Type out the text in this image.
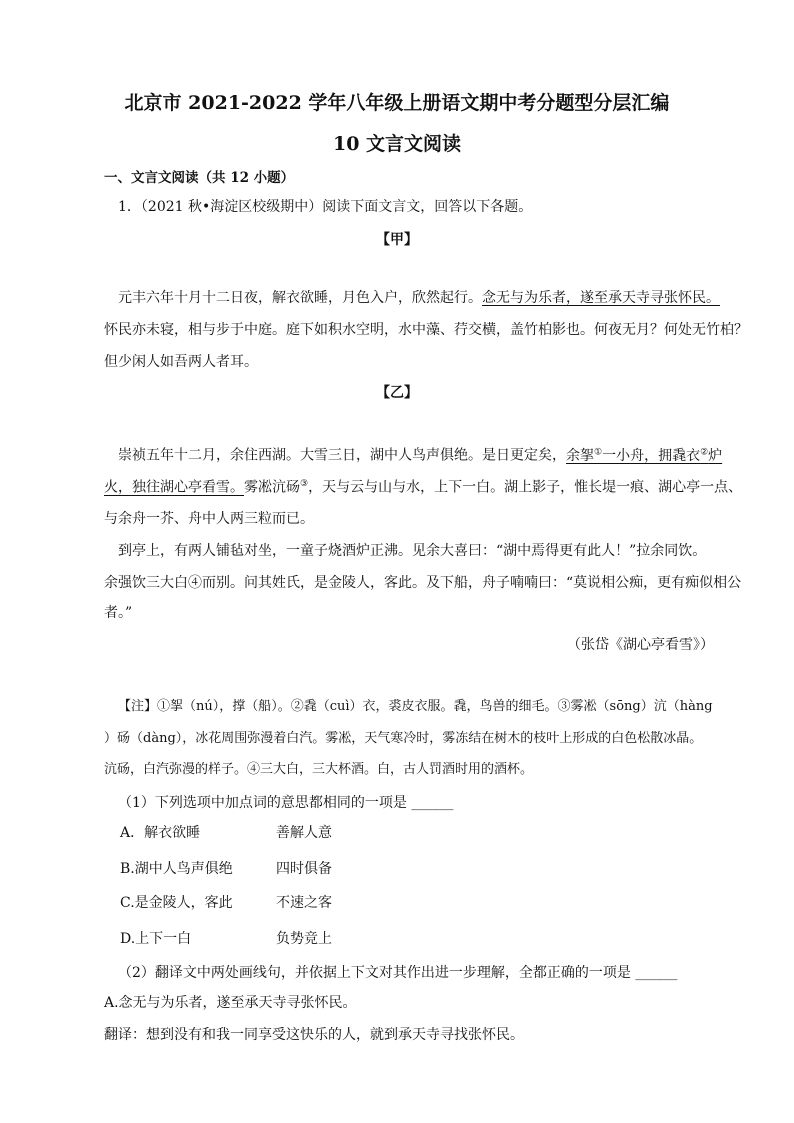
北京市 2021-2022 学年八年级上册语文期中考分题型分层汇编
10 文言文阅读
一、文言文阅读（共 12 小题）
1．（2021 秋•海淀区校级期中）阅读下面文言文，回答以下各题。
【甲】
元丰六年十月十二日夜，解衣欲睡，月色入户，欣然起行。念无与为乐者，遂至承天寺寻张怀民。
怀民亦未寝，相与步于中庭。庭下如积水空明，水中藻、荇交横，盖竹柏影也。何夜无月？何处无竹柏？
但少闲人如吾两人者耳。
【乙】
崇祯五年十二月，余住西湖。大雪三日，湖中人鸟声俱绝。是日更定矣，余挐①一小舟，拥毳衣②炉
火，独往湖心亭看雪。雾凇沆砀③，天与云与山与水，上下一白。湖上影子，惟长堤一痕、湖心亭一点、
与余舟一芥、舟中人两三粒而已。
到亭上，有两人铺毡对坐，一童子烧酒炉正沸。见余大喜曰：“湖中焉得更有此人！”拉余同饮。
余强饮三大白④而别。问其姓氏，是金陵人，客此。及下船，舟子喃喃曰：“莫说相公痴，更有痴似相公
者。”
（张岱《湖心亭看雪》）
【注】①挐（nú），撑（船）。②毳（cuì）衣，裘皮衣服。毳，鸟兽的细毛。③雾凇（sōng）沆（hàng
）砀（dàng），冰花周围弥漫着白汽。雾凇，天气寒冷时，雾冻结在树木的枝叶上形成的白色松散冰晶。
沆砀，白汽弥漫的样子。④三大白，三大杯酒。白，古人罚酒时用的酒杯。
（1）下列选项中加点词的意思都相同的一项是 ______
A．解衣欲睡	善解人意
B.湖中人鸟声俱绝	四时俱备
C.是金陵人，客此	不速之客
D.上下一白	负势竞上
（2）翻译文中两处画线句，并依据上下文对其作出进一步理解，全都正确的一项是 ______
A.念无与为乐者，遂至承天寺寻张怀民。
翻译：想到没有和我一同享受这快乐的人，就到承天寺寻找张怀民。
